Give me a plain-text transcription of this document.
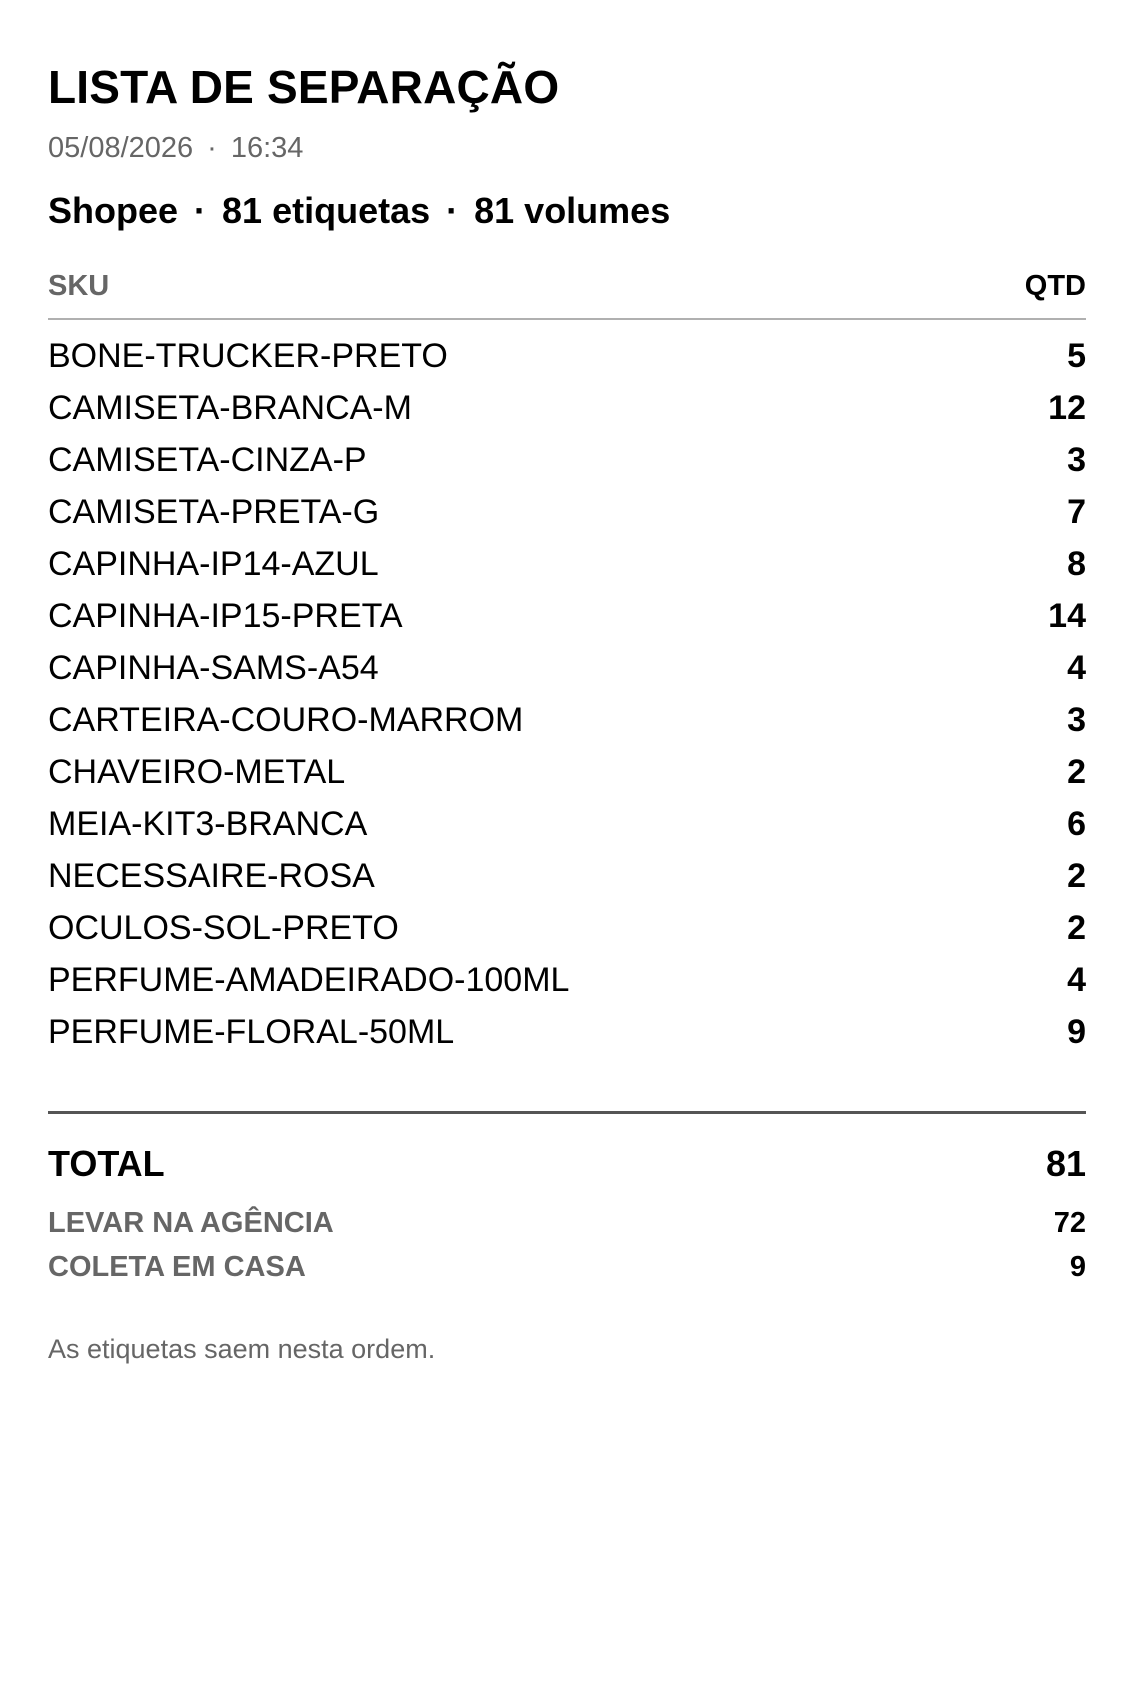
LISTA DE SEPARAÇÃO
05/08/2026 · 16:34
Shopee · 81 etiquetas · 81 volumes
SKU	QTD
BONE-TRUCKER-PRETO	5
CAMISETA-BRANCA-M	12
CAMISETA-CINZA-P	3
CAMISETA-PRETA-G	7
CAPINHA-IP14-AZUL	8
CAPINHA-IP15-PRETA	14
CAPINHA-SAMS-A54	4
CARTEIRA-COURO-MARROM	3
CHAVEIRO-METAL	2
MEIA-KIT3-BRANCA	6
NECESSAIRE-ROSA	2
OCULOS-SOL-PRETO	2
PERFUME-AMADEIRADO-100ML	4
PERFUME-FLORAL-50ML	9
TOTAL	81
LEVAR NA AGÊNCIA	72
COLETA EM CASA	9
As etiquetas saem nesta ordem.
